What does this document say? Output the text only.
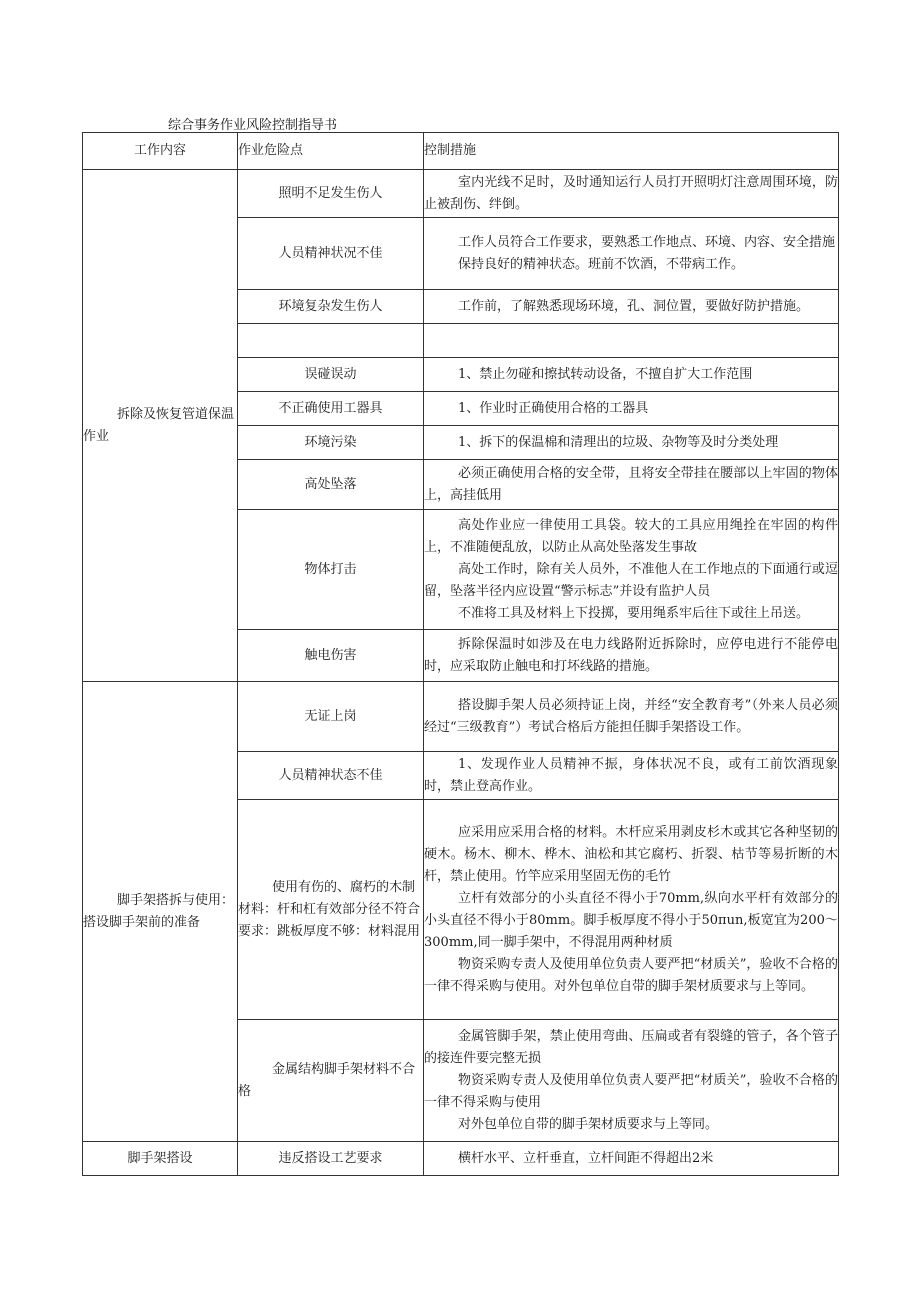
综合事务作业风险控制指导书
工作内容	作业危险点	控制措施

拆除及恢复管道保温作业	照明不足发生伤人	室内光线不足时，及时通知运行人员打开照明灯注意周围环境，防止被刮伤、绊倒。

	人员精神状况不佳	工作人员符合工作要求，要熟悉工作地点、环境、内容、安全措施
保持良好的精神状态。班前不饮酒，不带病工作。

	环境复杂发生伤人	工作前，了解熟悉现场环境，孔、洞位置，要做好防护措施。

	误碰误动	1、禁止勿碰和擦拭转动设备，不擅自扩大工作范围

	不正确使用工器具	1、作业时正确使用合格的工器具

	环境污染	1、拆下的保温棉和清理出的垃圾、杂物等及时分类处理

	高处坠落	必须正确使用合格的安全带，且将安全带挂在腰部以上牢固的物体上，高挂低用

	物体打击	高处作业应一律使用工具袋。较大的工具应用绳拴在牢固的构件上，不准随便乱放，以防止从高处坠落发生事故
高处工作时，除有关人员外，不准他人在工作地点的下面通行或逗留，坠落半径内应设置“警示标志”并设有监护人员
不准将工具及材料上下投掷，要用绳系牢后往下或往上吊送。

	触电伤害	拆除保温时如涉及在电力线路附近拆除时，应停电进行不能停电时，应采取防止触电和打坏线路的措施。

脚手架搭拆与使用：搭设脚手架前的准备	无证上岗	搭设脚手架人员必须持证上岗，并经“安全教育考”（外来人员必须经过“三级教育”）考试合格后方能担任脚手架搭设工作。

	人员精神状态不佳	1、发现作业人员精神不振，身体状况不良，或有工前饮酒现象时，禁止登高作业。

	使用有伤的、腐朽的木制材料：杆和杠有效部分径不符合要求：跳板厚度不够：材料混用	应采用应采用合格的材料。木杆应采用剥皮杉木或其它各种坚韧的硬木。杨木、柳木、桦木、油松和其它腐朽、折裂、枯节等易折断的木杆，禁止使用。竹竿应采用坚固无伤的毛竹
立杆有效部分的小头直径不得小于70mm,纵向水平杆有效部分的小头直径不得小于80mm。脚手板厚度不得小于50πun,板宽宜为200～300mm,同一脚手架中，不得混用两种材质
物资采购专责人及使用单位负责人要严把“材质关”，验收不合格的一律不得采购与使用。对外包单位自带的脚手架材质要求与上等同。

	金属结构脚手架材料不合格	金属管脚手架，禁止使用弯曲、压扁或者有裂缝的管子，各个管子的接连件要完整无损
物资采购专责人及使用单位负责人要严把“材质关”，验收不合格的一律不得采购与使用
对外包单位自带的脚手架材质要求与上等同。

脚手架搭设	违反搭设工艺要求	横杆水平、立杆垂直，立杆间距不得超出2米
